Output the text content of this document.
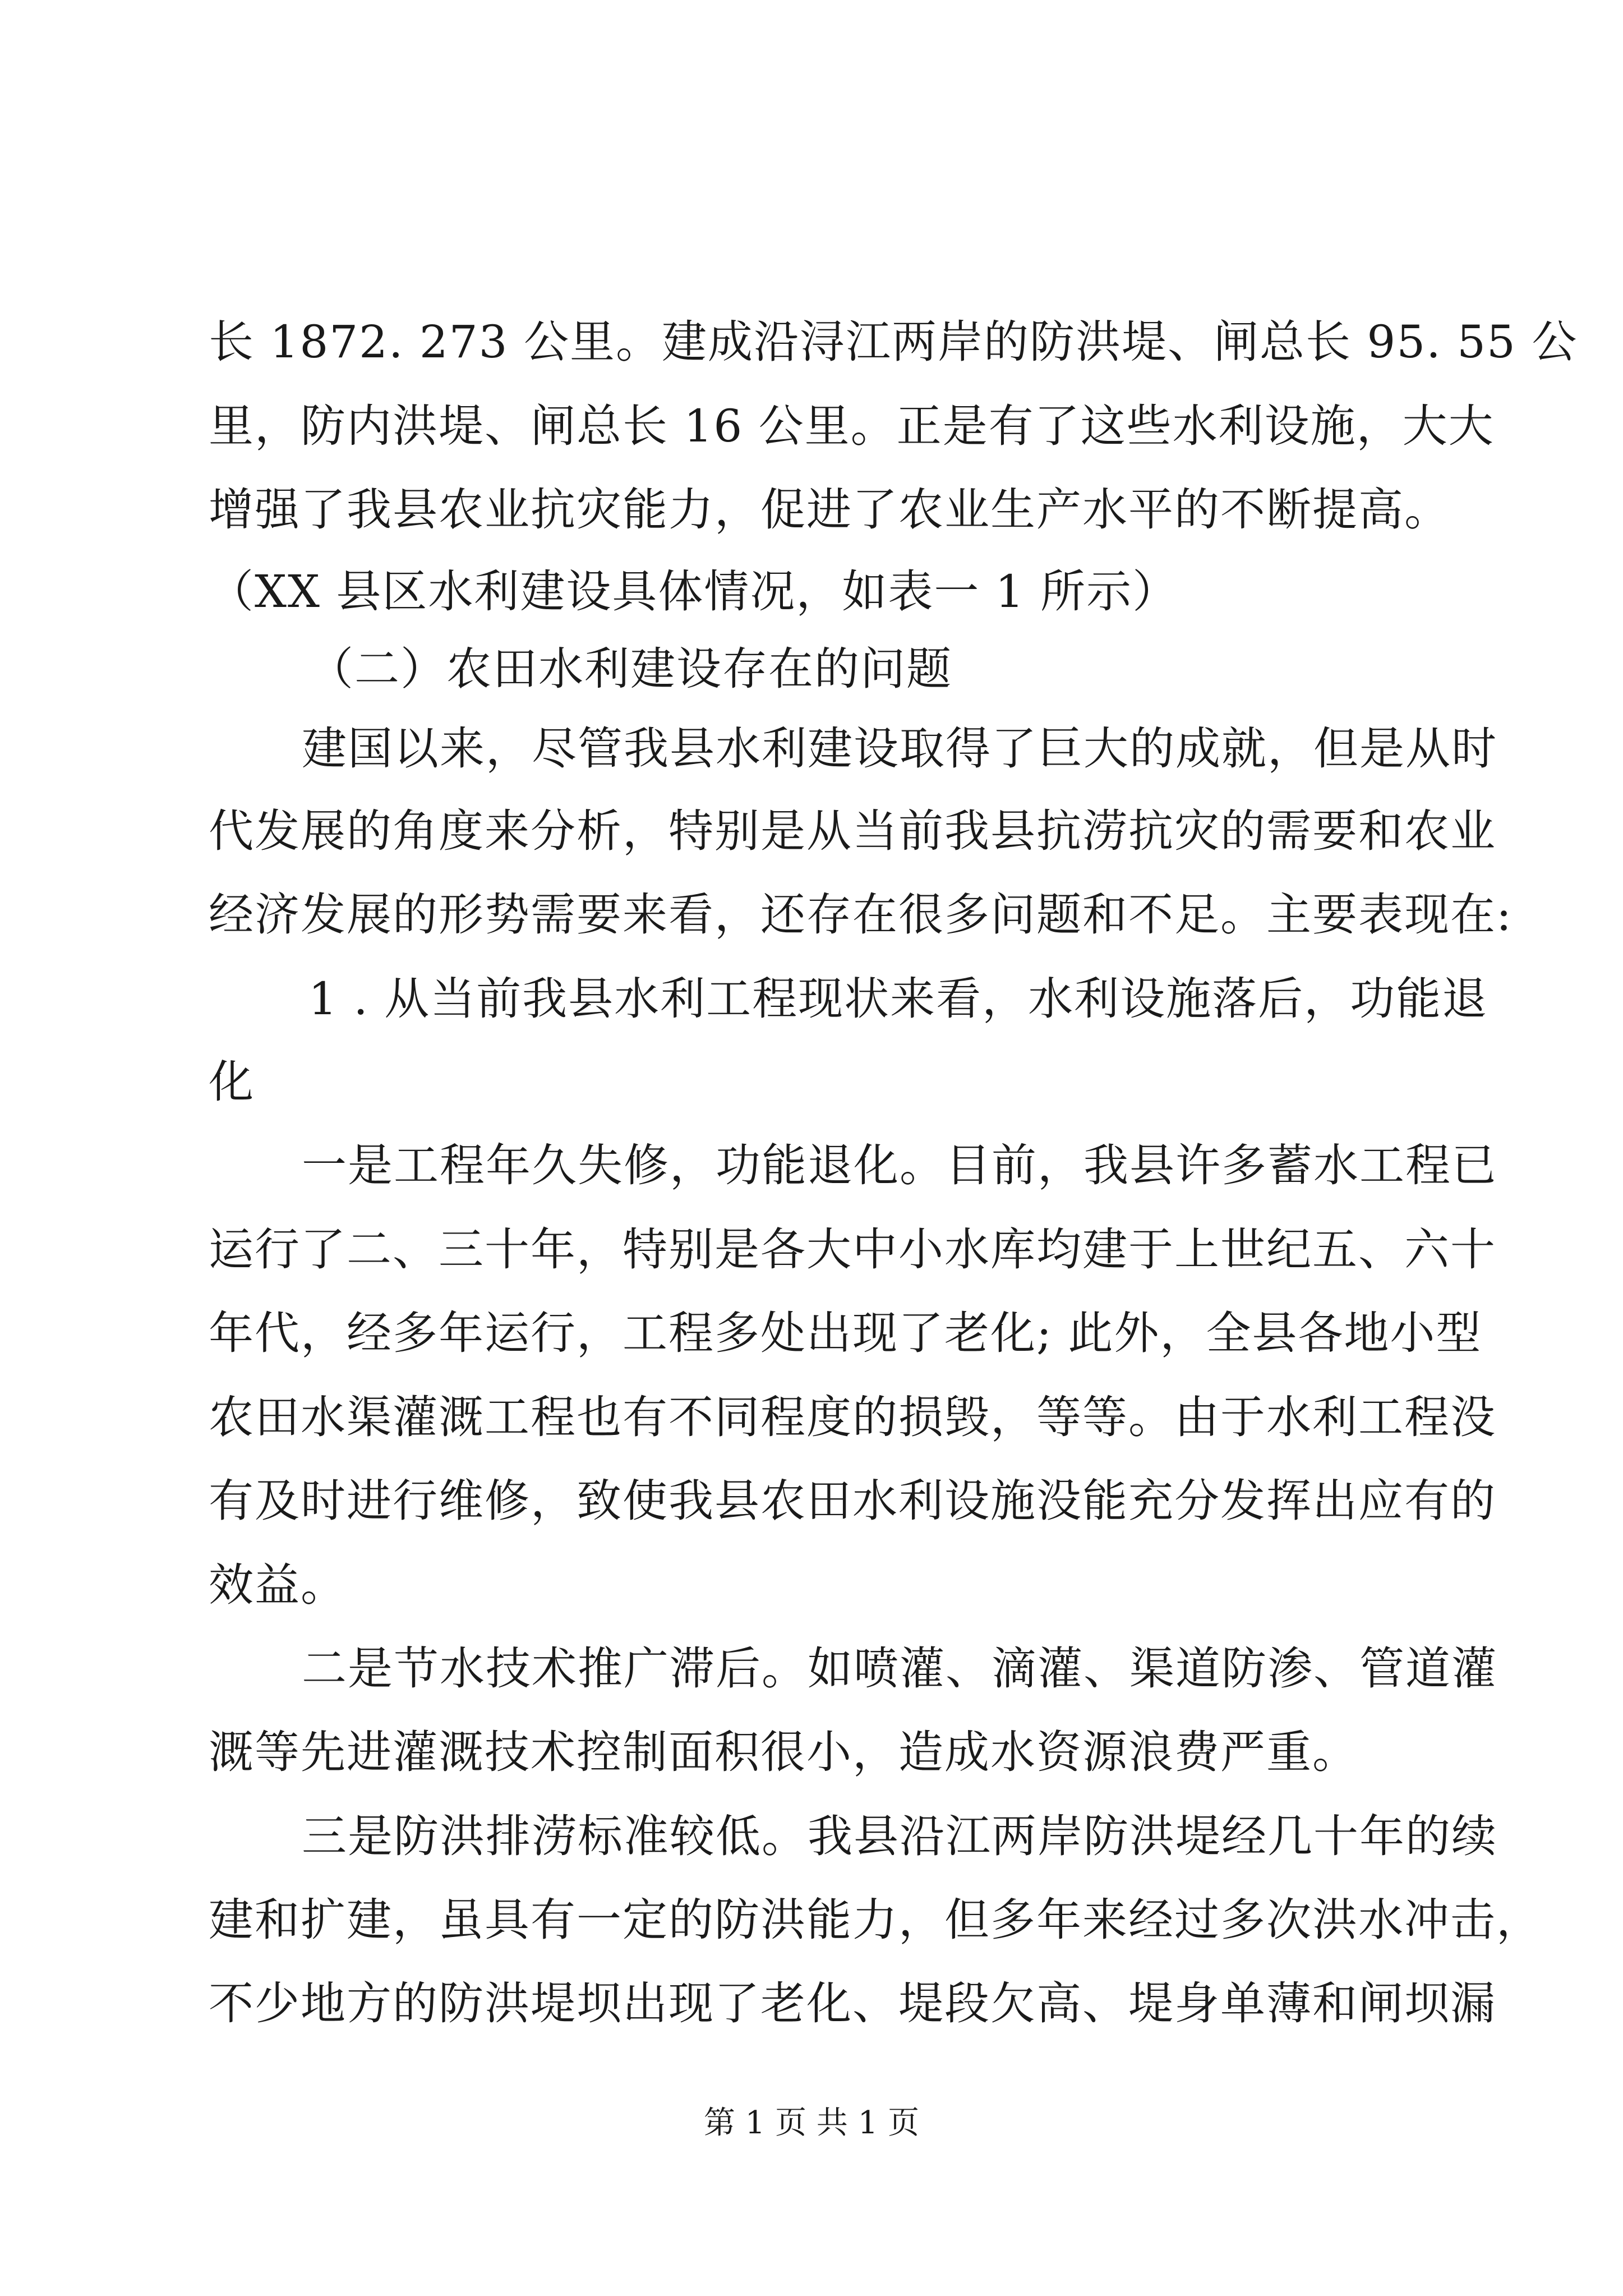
长 1872. 273 公里。建成沿浔江两岸的防洪堤、闸总长 95. 55 公
里，防内洪堤、闸总长 16 公里。正是有了这些水利设施，大大
增强了我县农业抗灾能力，促进了农业生产水平的不断提高。
（XX 县区水利建设具体情况，如表一 1 所示）
（二）农田水利建设存在的问题
建国以来，尽管我县水利建设取得了巨大的成就，但是从时
代发展的角度来分析，特别是从当前我县抗涝抗灾的需要和农业
经济发展的形势需要来看，还存在很多问题和不足。主要表现在:
1 . 从当前我县水利工程现状来看，水利设施落后，功能退
化
一是工程年久失修，功能退化。目前，我县许多蓄水工程已
运行了二、三十年，特别是各大中小水库均建于上世纪五、六十
年代，经多年运行，工程多处出现了老化; 此外，全县各地小型
农田水渠灌溉工程也有不同程度的损毁，等等。由于水利工程没
有及时进行维修，致使我县农田水利设施没能充分发挥出应有的
效益。
二是节水技术推广滞后。如喷灌、滴灌、渠道防渗、管道灌
溉等先进灌溉技术控制面积很小，造成水资源浪费严重。
三是防洪排涝标准较低。我县沿江两岸防洪堤经几十年的续
建和扩建，虽具有一定的防洪能力，但多年来经过多次洪水冲击，
不少地方的防洪堤坝出现了老化、堤段欠高、堤身单薄和闸坝漏
第 1 页 共 1 页
